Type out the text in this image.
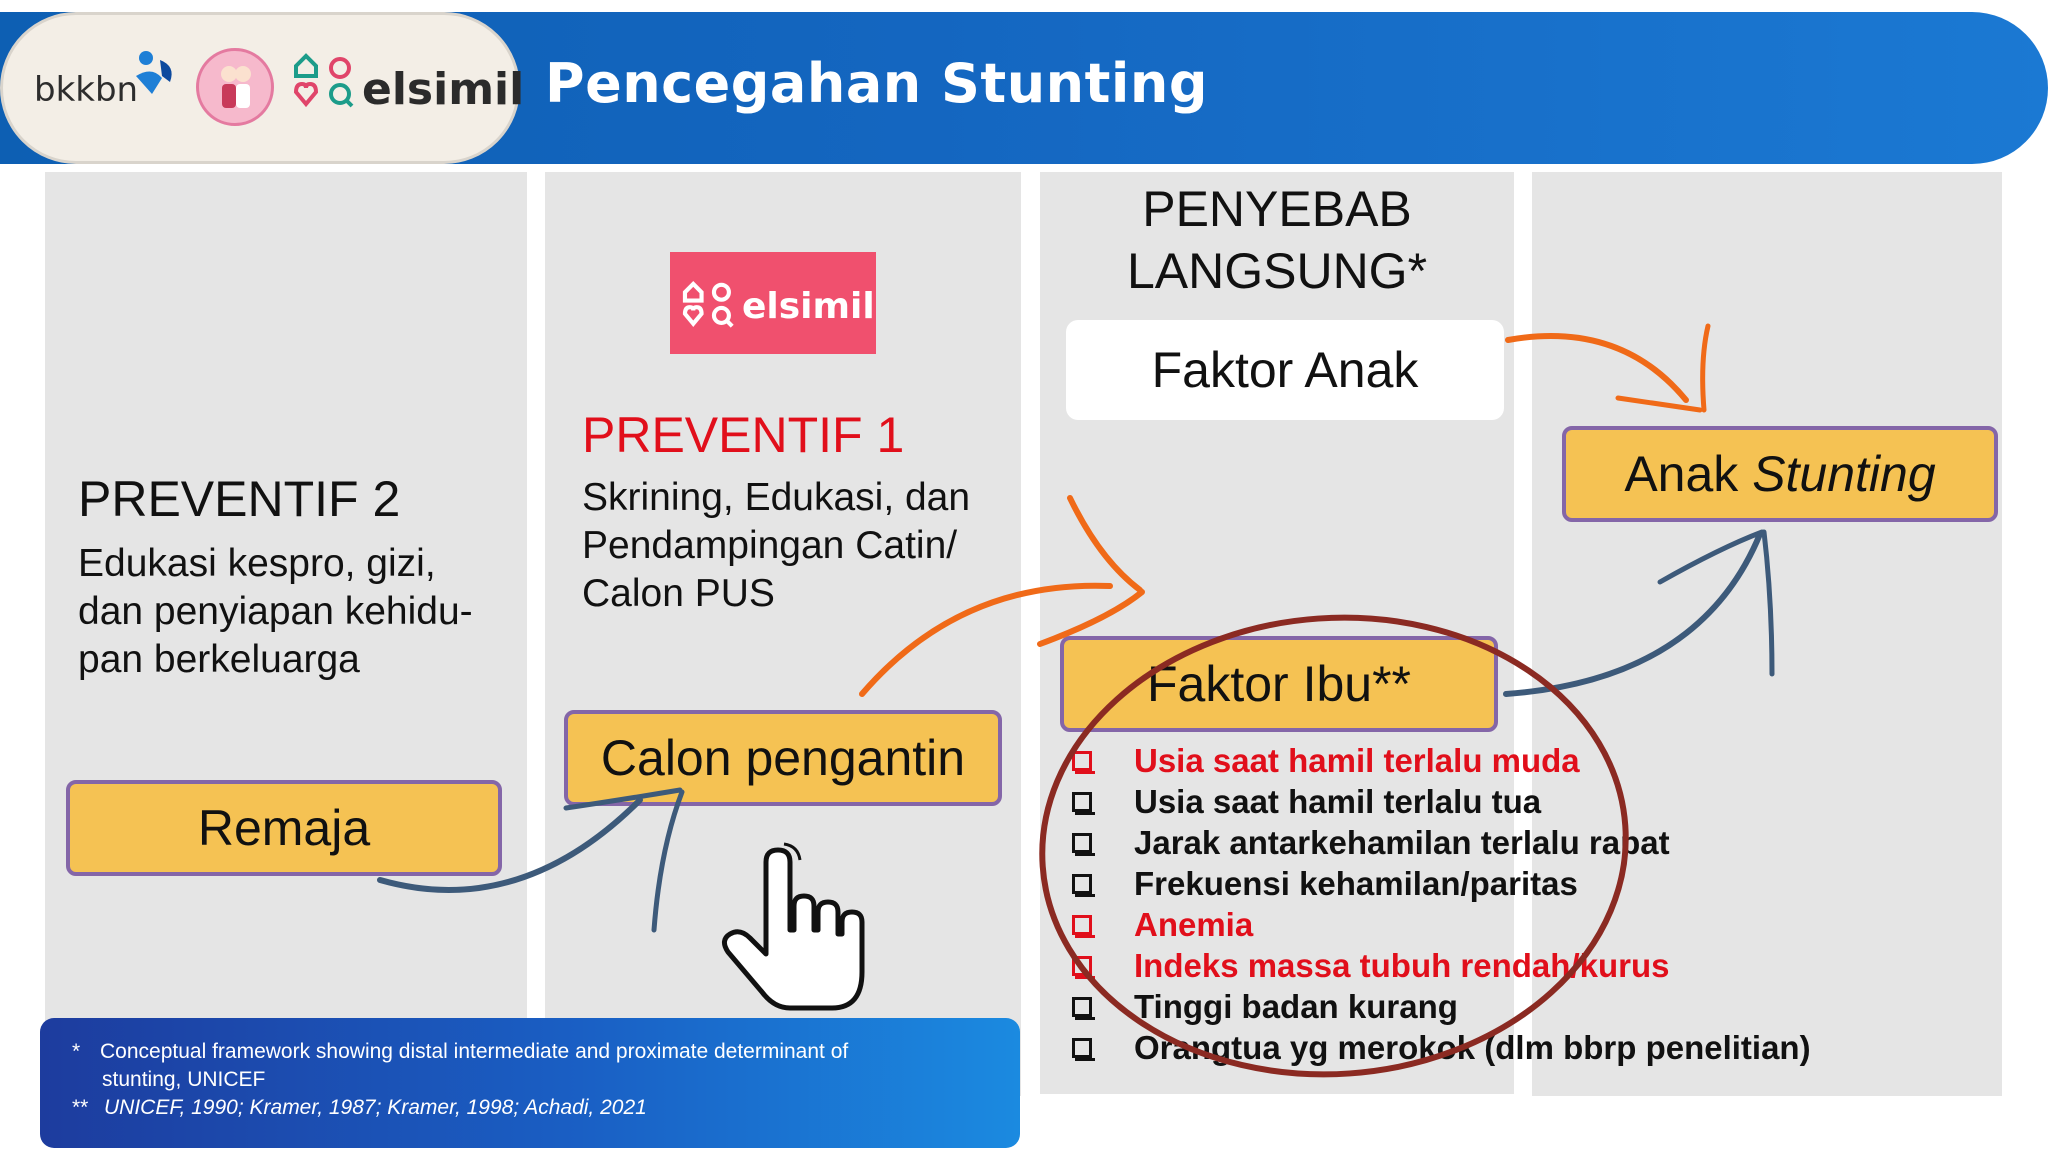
bkkbn	elsimil Pencegahan Stunting
PREVENTIF 2
Edukasi kespro, gizi,
dan penyiapan kehidu-
pan berkeluarga
Remaja
elsimil
PREVENTIF 1
Skrining, Edukasi, dan
Pendampingan Catin/
Calon PUS
Calon pengantin
PENYEBAB
LANGSUNG*
Faktor Anak
Faktor Ibu**
Usia saat hamil terlalu muda
Usia saat hamil terlalu tua
Jarak antarkehamilan terlalu rapat
Frekuensi kehamilan/paritas
Anemia
Indeks massa tubuh rendah/kurus
Tinggi badan kurang
Orangtua yg merokok (dlm bbrp penelitian)
Anak Stunting
* Conceptual framework showing distal intermediate and proximate determinant of
stunting, UNICEF
** UNICEF, 1990; Kramer, 1987; Kramer, 1998; Achadi, 2021
